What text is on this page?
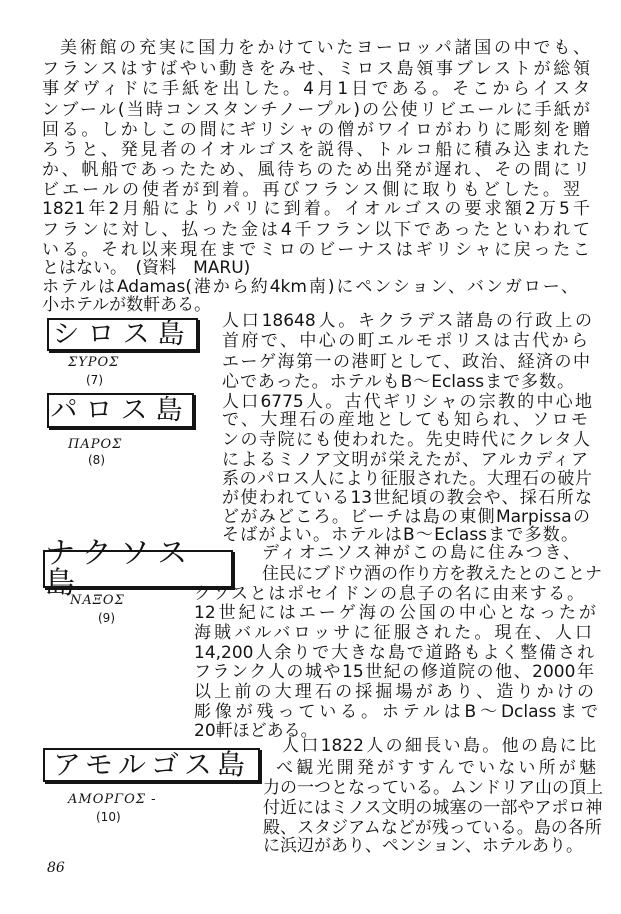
美術館の充実に国力をかけていたヨーロッパ諸国の中でも、
フランスはすばやい動きをみせ、ミロス島領事ブレストが総領
事ダヴィドに手紙を出した。4月1日である。そこからイスタ
ンブール(当時コンスタンチノープル)の公使リビエールに手紙が
回る。しかしこの間にギリシャの僧がワイロがわりに彫刻を贈
ろうと、発見者のイオルゴスを説得、トルコ船に積み込まれた
か、帆船であったため、風待ちのため出発が遅れ、その間にリ
ビエールの使者が到着。再びフランス側に取りもどした。翌
1821年2月船によりパリに到着。イオルゴスの要求額2万5千
フランに対し、払った金は4千フラン以下であったといわれて
いる。それ以来現在までミロのビーナスはギリシャに戻ったこ
とはない。　(資料　MARU)
ホテルはAdamas(港から約4km南)にペンション、バンガロー、
小ホテルが数軒ある。
シロス島
ΣΥΡΟΣ
(7)
人口18648人。キクラデス諸島の行政上の
首府で、中心の町エルモポリスは古代から
エーゲ海第一の港町として、政治、経済の中
心であった。ホテルもB～Eclassまで多数。
パロス島
ΠΑΡΟΣ
(8)
人口6775人。古代ギリシャの宗教的中心地
で、大理石の産地としても知られ、ソロモ
ンの寺院にも使われた。先史時代にクレタ人
によるミノア文明が栄えたが、アルカディア
系のパロス人により征服された。大理石の破片
が使われている13世紀頃の教会や、採石所な
どがみどころ。ビーチは島の東側Marpissaの
そばがよい。ホテルはB～Eclassまで多数。
ナクソス島
ΝΑΞΟΣ
(9)
ディオニソス神がこの島に住みつき、
住民にブドウ酒の作り方を教えたとのことナ
クソスとはポセイドンの息子の名に由来する。
12世紀にはエーゲ海の公国の中心となったが
海賊バルバロッサに征服された。現在、人口
14,200人余りで大きな島で道路もよく整備され
フランク人の城や15世紀の修道院の他、2000年
以上前の大理石の採掘場があり、造りかけの
彫像が残っている。ホテルはB～Dclassまで
20軒ほどある。
アモルゴス島
ΑΜΟΡΓΟΣ -
(10)
人口1822人の細長い島。他の島に比
べ観光開発がすすんでいない所が魅
力の一つとなっている。ムンドリア山の頂上
付近にはミノス文明の城塞の一部やアポロ神
殿、スタジアムなどが残っている。島の各所
に浜辺があり、ペンション、ホテルあり。
86
